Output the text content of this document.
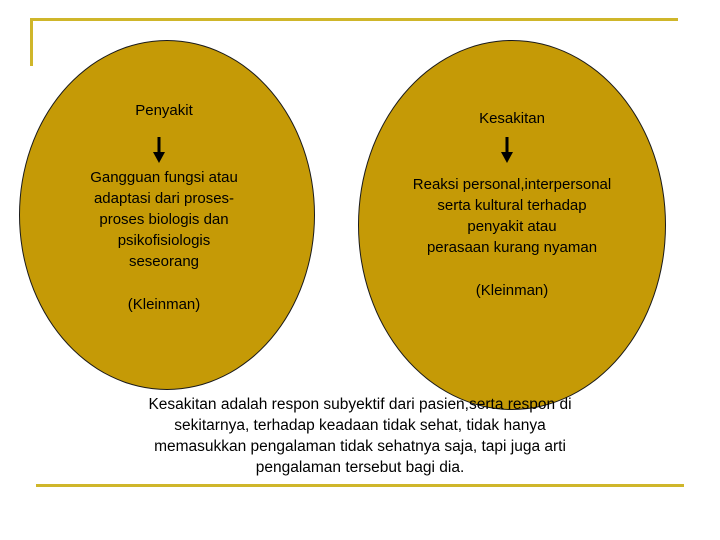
Penyakit
Gangguan fungsi atau
adaptasi dari proses-
proses biologis dan
psikofisiologis
seseorang
(Kleinman)
Kesakitan
Reaksi personal,interpersonal
serta kultural terhadap
penyakit atau
perasaan kurang nyaman
(Kleinman)
Kesakitan adalah respon subyektif dari pasien,serta respon di
sekitarnya, terhadap keadaan tidak sehat, tidak hanya
memasukkan pengalaman tidak sehatnya saja, tapi juga arti
pengalaman tersebut bagi dia.
